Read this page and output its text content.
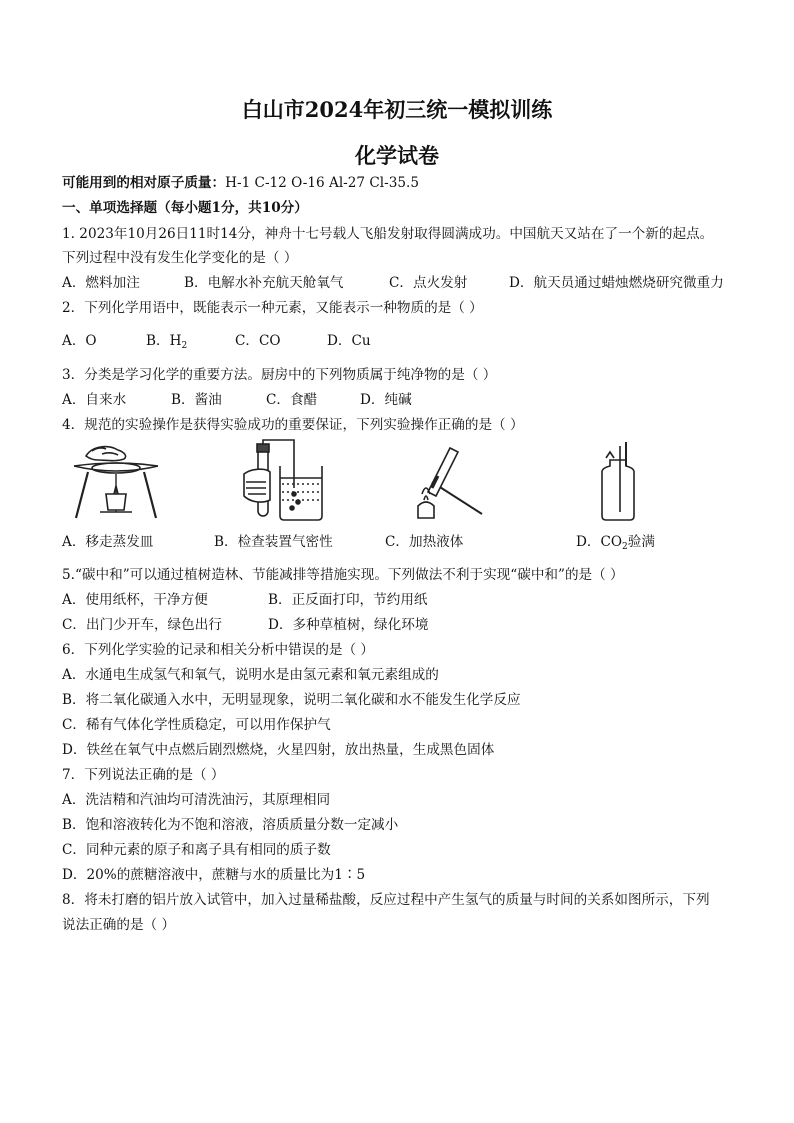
白山市2024年初三统一模拟训练
化学试卷
可能用到的相对原子质量：H-1 C-12 O-16 Al-27 Cl-35.5
一、单项选择题（每小题1分，共10分）
1. 2023年10月26日11时14分，神舟十七号载人飞船发射取得圆满成功。中国航天又站在了一个新的起点。
下列过程中没有发生化学变化的是（ ）
A．燃料加注	B．电解水补充航天舱氧气	C．点火发射	D．航天员通过蜡烛燃烧研究微重力
2．下列化学用语中，既能表示一种元素，又能表示一种物质的是（ ）
A．O	B．$H_2$	C．CO	D．Cu
3．分类是学习化学的重要方法。厨房中的下列物质属于纯净物的是（ ）
A．自来水	B．酱油	C．食醋	D．纯碱
4．规范的实验操作是获得实验成功的重要保证，下列实验操作正确的是（ ）
A．移走蒸发皿	B．检查装置气密性	C．加热液体	D．$CO_2$验满
5.“碳中和”可以通过植树造林、节能减排等措施实现。下列做法不利于实现“碳中和”的是（ ）
A．使用纸杯，干净方便	B．正反面打印，节约用纸
C．出门少开车，绿色出行	D．多种草植树，绿化环境
6．下列化学实验的记录和相关分析中错误的是（ ）
A．水通电生成氢气和氧气，说明水是由氢元素和氧元素组成的
B．将二氧化碳通入水中，无明显现象，说明二氧化碳和水不能发生化学反应
C．稀有气体化学性质稳定，可以用作保护气
D．铁丝在氧气中点燃后剧烈燃烧，火星四射，放出热量，生成黑色固体
7．下列说法正确的是（ ）
A．洗洁精和汽油均可清洗油污，其原理相同
B．饱和溶液转化为不饱和溶液，溶质质量分数一定减小
C．同种元素的原子和离子具有相同的质子数
D．20%的蔗糖溶液中，蔗糖与水的质量比为1∶5
8．将未打磨的铝片放入试管中，加入过量稀盐酸，反应过程中产生氢气的质量与时间的关系如图所示，下列
说法正确的是（ ）
